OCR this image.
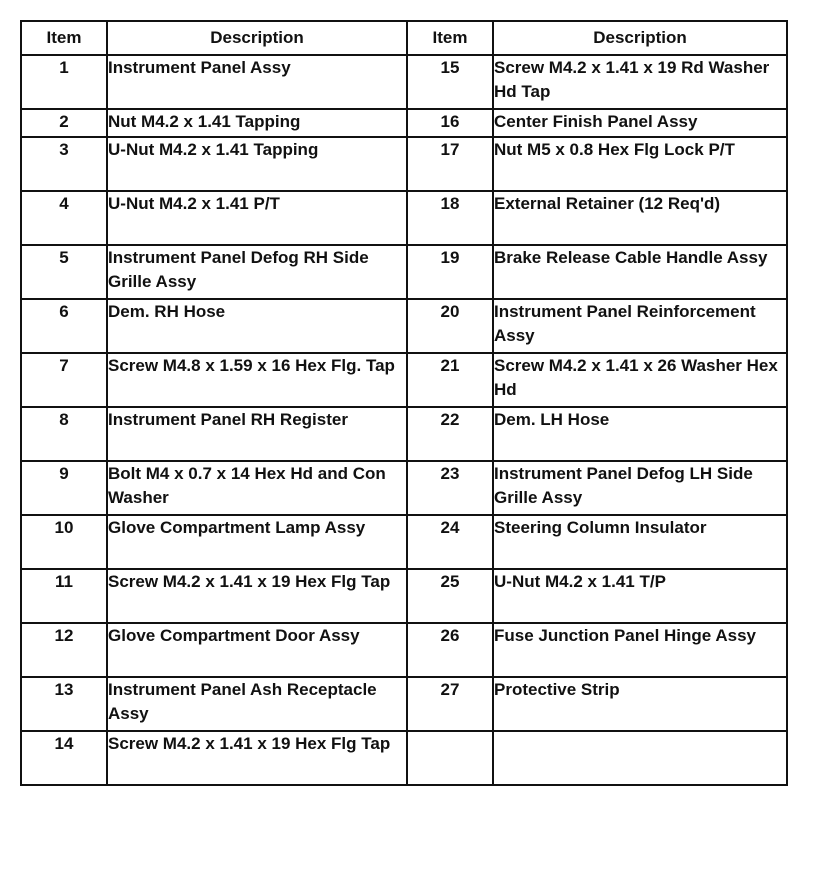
Item	Description	Item	Description
1	Instrument Panel Assy	15	Screw M4.2 x 1.41 x 19 Rd Washer Hd Tap
2	Nut M4.2 x 1.41 Tapping	16	Center Finish Panel Assy
3	U-Nut M4.2 x 1.41 Tapping	17	Nut M5 x 0.8 Hex Flg Lock P/T
4	U-Nut M4.2 x 1.41 P/T	18	External Retainer (12 Req'd)
5	Instrument Panel Defog RH Side Grille Assy	19	Brake Release Cable Handle Assy
6	Dem. RH Hose	20	Instrument Panel Reinforcement Assy
7	Screw M4.8 x 1.59 x 16 Hex Flg. Tap	21	Screw M4.2 x 1.41 x 26 Washer Hex Hd
8	Instrument Panel RH Register	22	Dem. LH Hose
9	Bolt M4 x 0.7 x 14 Hex Hd and Con Washer	23	Instrument Panel Defog LH Side Grille Assy
10	Glove Compartment Lamp Assy	24	Steering Column Insulator
11	Screw M4.2 x 1.41 x 19 Hex Flg Tap	25	U-Nut M4.2 x 1.41 T/P
12	Glove Compartment Door Assy	26	Fuse Junction Panel Hinge Assy
13	Instrument Panel Ash Receptacle Assy	27	Protective Strip
14	Screw M4.2 x 1.41 x 19 Hex Flg Tap		
